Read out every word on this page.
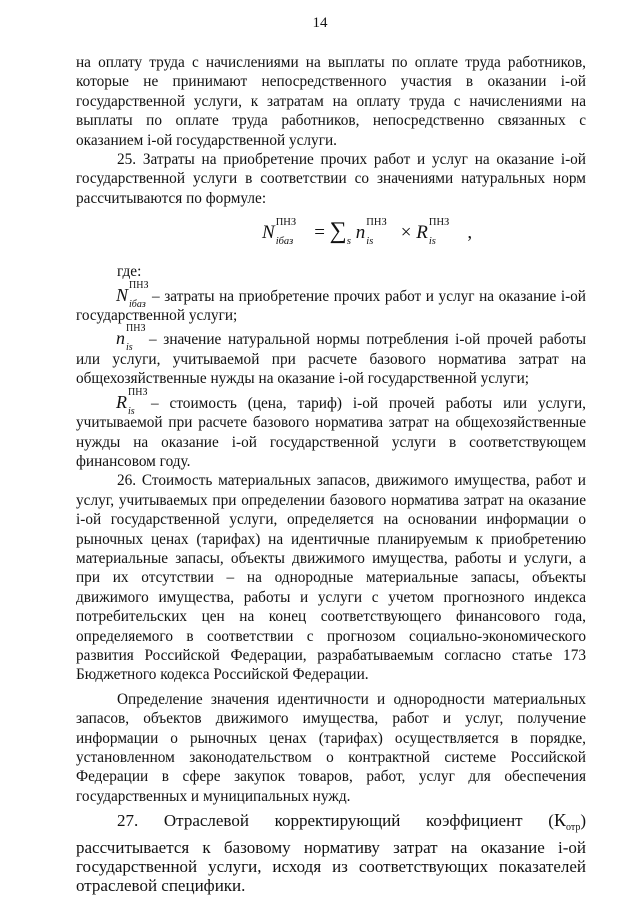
14

на оплату труда с начислениями на выплаты по оплате труда работников, которые не принимают непосредственного участия в оказании i-ой государственной услуги, к затратам на оплату труда с начислениями на выплаты по оплате труда работников, непосредственно связанных с оказанием i-ой государственной услуги.

25. Затраты на приобретение прочих работ и услуг на оказание i-ой государственной услуги в соответствии со значениями натуральных норм рассчитываются по формуле:

N ПНЗ
iбаз = $\sum_s$ n ПНЗ
is × R ПНЗ
is ,

где:

N ПНЗ
iбаз – затраты на приобретение прочих работ и услуг на оказание i-ой государственной услуги;

n ПНЗ
is – значение натуральной нормы потребления i-ой прочей работы или услуги, учитываемой при расчете базового норматива затрат на общехозяйственные нужды на оказание i-ой государственной услуги;

R ПНЗ
is – стоимость (цена, тариф) i-ой прочей работы или услуги, учитываемой при расчете базового норматива затрат на общехозяйственные нужды на оказание i-ой государственной услуги в соответствующем финансовом году.

26. Стоимость материальных запасов, движимого имущества, работ и услуг, учитываемых при определении базового норматива затрат на оказание i-ой государственной услуги, определяется на основании информации о рыночных ценах (тарифах) на идентичные планируемым к приобретению материальные запасы, объекты движимого имущества, работы и услуги, а при их отсутствии – на однородные материальные запасы, объекты движимого имущества, работы и услуги с учетом прогнозного индекса потребительских цен на конец соответствующего финансового года, определяемого в соответствии с прогнозом социально-экономического развития Российской Федерации, разрабатываемым согласно статье 173 Бюджетного кодекса Российской Федерации.

Определение значения идентичности и однородности материальных запасов, объектов движимого имущества, работ и услуг, получение информации о рыночных ценах (тарифах) осуществляется в порядке, установленном законодательством о контрактной системе Российской Федерации в сфере закупок товаров, работ, услуг для обеспечения государственных и муниципальных нужд.

27. Отраслевой корректирующий коэффициент $(К_{отр})$ рассчитывается к базовому нормативу затрат на оказание i-ой государственной услуги, исходя из соответствующих показателей отраслевой специфики.
